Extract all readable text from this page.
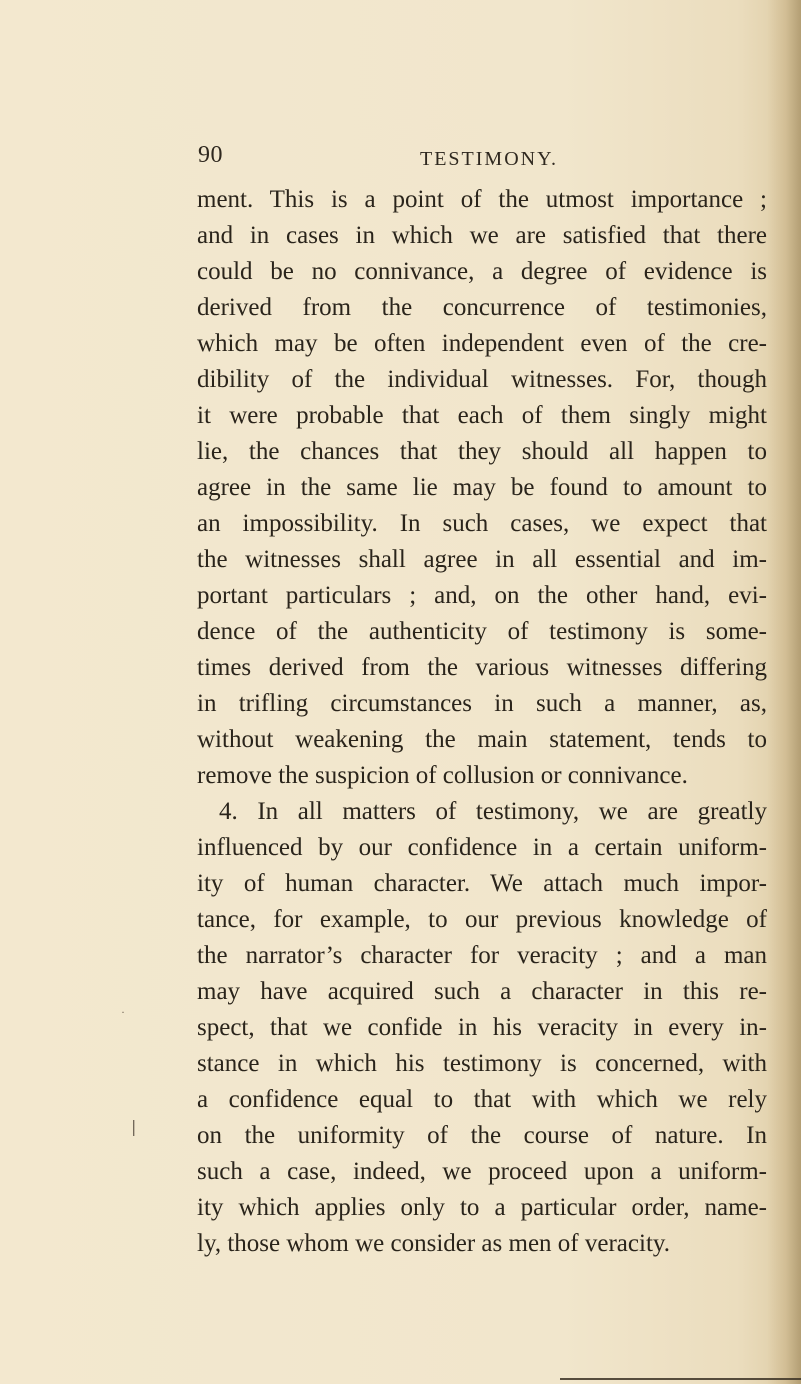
90	TESTIMONY.
ment. This is a point of the utmost importance ;
and in cases in which we are satisfied that there
could be no connivance, a degree of evidence is
derived from the concurrence of testimonies,
which may be often independent even of the cre-
dibility of the individual witnesses. For, though
it were probable that each of them singly might
lie, the chances that they should all happen to
agree in the same lie may be found to amount to
an impossibility. In such cases, we expect that
the witnesses shall agree in all essential and im-
portant particulars ; and, on the other hand, evi-
dence of the authenticity of testimony is some-
times derived from the various witnesses differing
in trifling circumstances in such a manner, as,
without weakening the main statement, tends to
remove the suspicion of collusion or connivance.
4. In all matters of testimony, we are greatly
influenced by our confidence in a certain uniform-
ity of human character. We attach much impor-
tance, for example, to our previous knowledge of
the narrator’s character for veracity ; and a man
may have acquired such a character in this re-
spect, that we confide in his veracity in every in-
stance in which his testimony is concerned, with
a confidence equal to that with which we rely
on the uniformity of the course of nature. In
such a case, indeed, we proceed upon a uniform-
ity which applies only to a particular order, name-
ly, those whom we consider as men of veracity.
˙
|
